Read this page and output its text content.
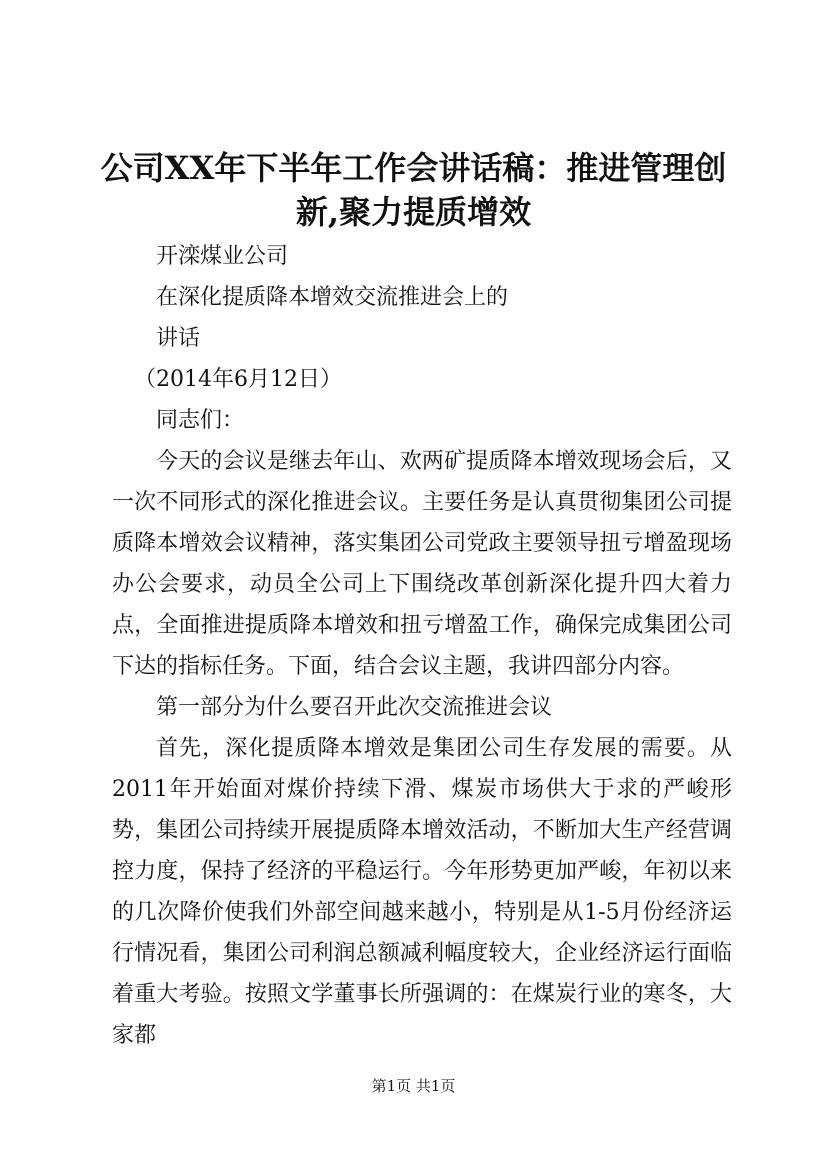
公司XX年下半年工作会讲话稿：推进管理创新,聚力提质增效

开滦煤业公司

在深化提质降本增效交流推进会上的

讲话

（2014年6月12日）

同志们：

今天的会议是继去年山、欢两矿提质降本增效现场会后，又一次不同形式的深化推进会议。主要任务是认真贯彻集团公司提质降本增效会议精神，落实集团公司党政主要领导扭亏增盈现场办公会要求，动员全公司上下围绕改革创新深化提升四大着力点，全面推进提质降本增效和扭亏增盈工作，确保完成集团公司下达的指标任务。下面，结合会议主题，我讲四部分内容。

第一部分为什么要召开此次交流推进会议

首先，深化提质降本增效是集团公司生存发展的需要。从2011年开始面对煤价持续下滑、煤炭市场供大于求的严峻形势，集团公司持续开展提质降本增效活动，不断加大生产经营调控力度，保持了经济的平稳运行。今年形势更加严峻，年初以来的几次降价使我们外部空间越来越小，特别是从1-5月份经济运行情况看，集团公司利润总额减利幅度较大，企业经济运行面临着重大考验。按照文学董事长所强调的：在煤炭行业的寒冬，大家都

第1页 共1页
